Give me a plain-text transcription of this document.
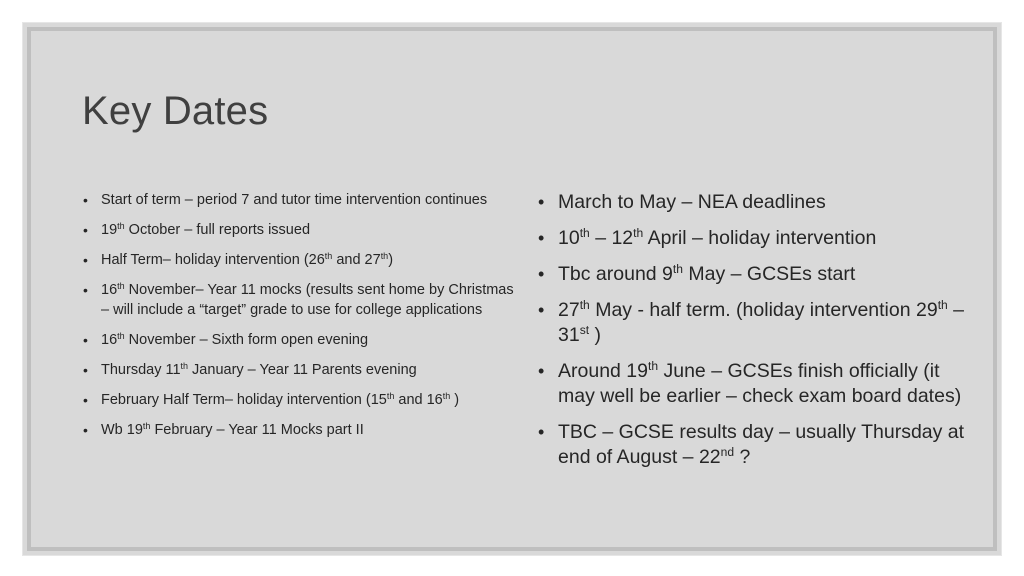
Key Dates
• Start of term – period 7 and tutor time intervention continues
• 19th October – full reports issued
• Half Term– holiday intervention (26th and 27th)
• 16th November– Year 11 mocks (results sent home by Christmas – will include a “target” grade to use for college applications
• 16th November – Sixth form open evening
• Thursday 11th January – Year 11 Parents evening
• February Half Term– holiday intervention (15th and 16th )
• Wb 19th February – Year 11 Mocks part II
• March to May – NEA deadlines
• 10th – 12th April – holiday intervention
• Tbc around 9th May – GCSEs start
• 27th May - half term. (holiday intervention 29th – 31st )
• Around 19th June – GCSEs finish officially (it may well be earlier – check exam board dates)
• TBC – GCSE results day – usually Thursday at end of August – 22nd ?
